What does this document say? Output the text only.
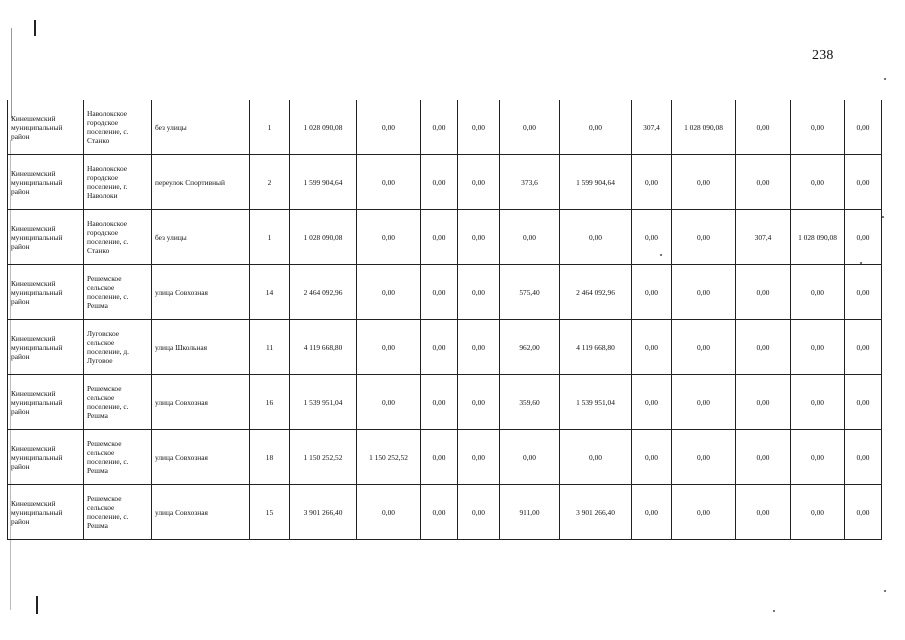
238
Кинешемский муниципальный район	Наволокское городское поселение, с. Станко	без улицы	1	1 028 090,08	0,00	0,00	0,00	0,00	0,00	307,4	1 028 090,08	0,00	0,00	0,00
Кинешемский муниципальный район	Наволокское городское поселение, г. Наволоки	переулок Спортивный	2	1 599 904,64	0,00	0,00	0,00	373,6	1 599 904,64	0,00	0,00	0,00	0,00	0,00
Кинешемский муниципальный район	Наволокское городское поселение, с. Станко	без улицы	1	1 028 090,08	0,00	0,00	0,00	0,00	0,00	0,00	0,00	307,4	1 028 090,08	0,00
Кинешемский муниципальный район	Решемское сельское поселение, с. Решма	улица Совхозная	14	2 464 092,96	0,00	0,00	0,00	575,40	2 464 092,96	0,00	0,00	0,00	0,00	0,00
Кинешемский муниципальный район	Луговское сельское поселение, д. Луговое	улица Школьная	11	4 119 668,80	0,00	0,00	0,00	962,00	4 119 668,80	0,00	0,00	0,00	0,00	0,00
Кинешемский муниципальный район	Решемское сельское поселение, с. Решма	улица Совхозная	16	1 539 951,04	0,00	0,00	0,00	359,60	1 539 951,04	0,00	0,00	0,00	0,00	0,00
Кинешемский муниципальный район	Решемское сельское поселение, с. Решма	улица Совхозная	18	1 150 252,52	1 150 252,52	0,00	0,00	0,00	0,00	0,00	0,00	0,00	0,00	0,00
Кинешемский муниципальный район	Решемское сельское поселение, с. Решма	улица Совхозная	15	3 901 266,40	0,00	0,00	0,00	911,00	3 901 266,40	0,00	0,00	0,00	0,00	0,00
